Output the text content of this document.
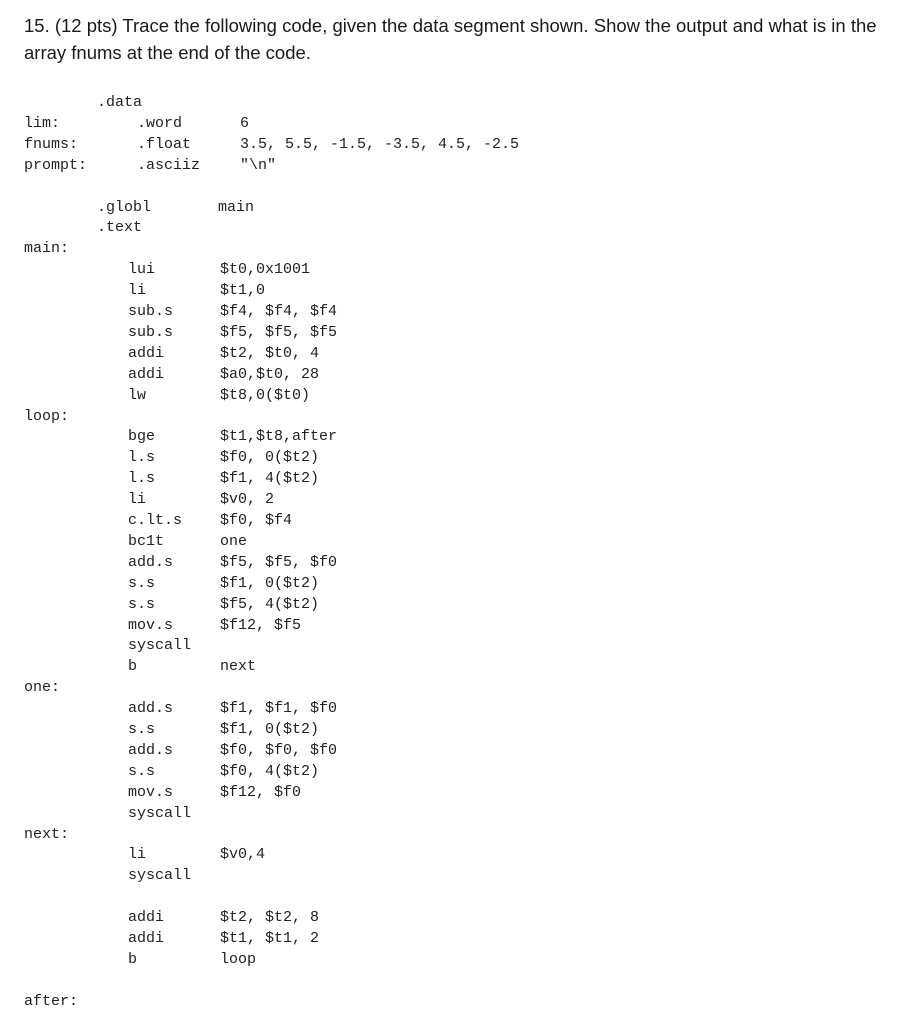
15. (12 pts) Trace the following code, given the data segment shown. Show the output and what is in the array fnums at the end of the code.
.data
lim:	.word	6
fnums:	.float	3.5, 5.5, -1.5, -3.5, 4.5, -2.5
prompt:	.asciiz	"\n"
.globl	main
.text
main:
lui	$t0,0x1001
li	$t1,0
sub.s	$f4, $f4, $f4
sub.s	$f5, $f5, $f5
addi	$t2, $t0, 4
addi	$a0,$t0, 28
lw	$t8,0($t0)
loop:
bge	$t1,$t8,after
l.s	$f0, 0($t2)
l.s	$f1, 4($t2)
li	$v0, 2
c.lt.s	$f0, $f4
bc1t	one
add.s	$f5, $f5, $f0
s.s	$f1, 0($t2)
s.s	$f5, 4($t2)
mov.s	$f12, $f5
syscall
b	next
one:
add.s	$f1, $f1, $f0
s.s	$f1, 0($t2)
add.s	$f0, $f0, $f0
s.s	$f0, 4($t2)
mov.s	$f12, $f0
syscall
next:
li	$v0,4
syscall
addi	$t2, $t2, 8
addi	$t1, $t1, 2
b	loop
after:
